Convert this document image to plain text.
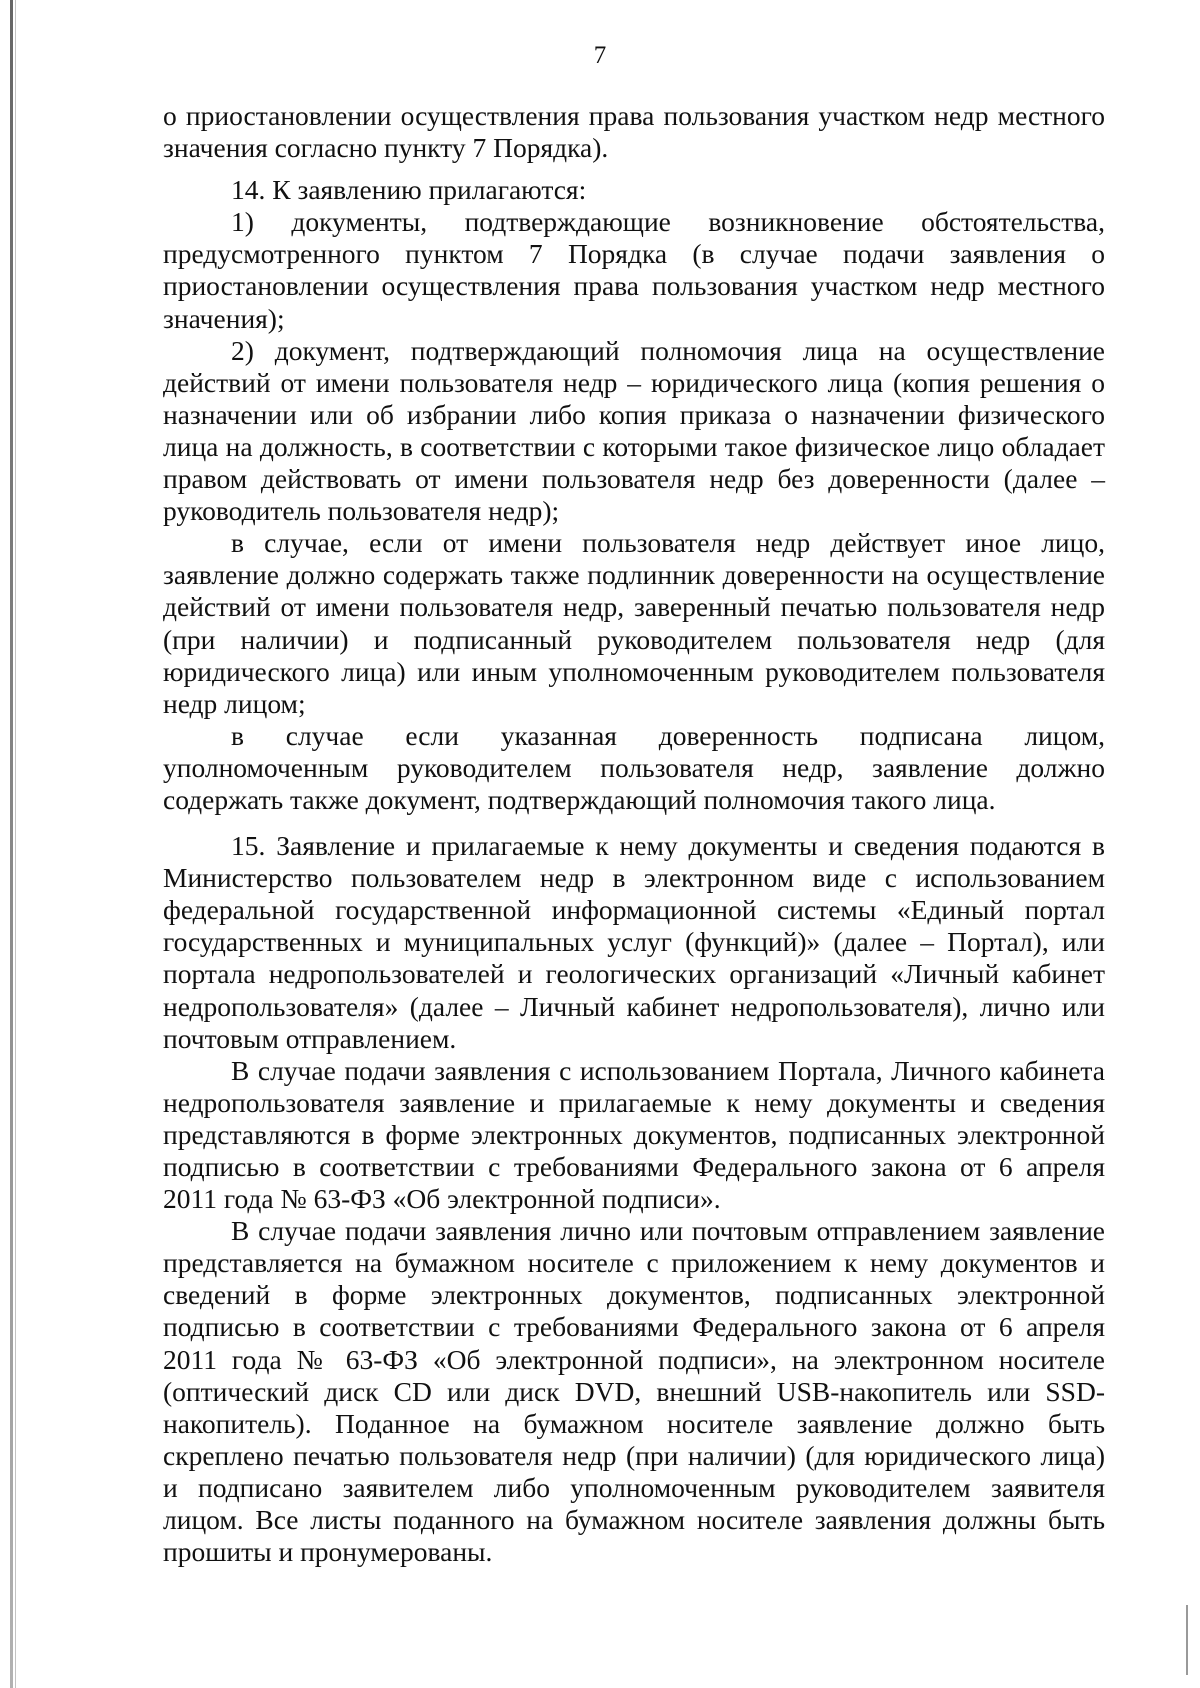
7

о приостановлении осуществления права пользования участком недр местного значения согласно пункту 7 Порядка).

14. К заявлению прилагаются:

1) документы, подтверждающие возникновение обстоятельства, предусмотренного пунктом 7 Порядка (в случае подачи заявления о приостановлении осуществления права пользования участком недр местного значения);

2) документ, подтверждающий полномочия лица на осуществление действий от имени пользователя недр – юридического лица (копия решения о назначении или об избрании либо копия приказа о назначении физического лица на должность, в соответствии с которыми такое физическое лицо обладает правом действовать от имени пользователя недр без доверенности (далее – руководитель пользователя недр);

в случае, если от имени пользователя недр действует иное лицо, заявление должно содержать также подлинник доверенности на осуществление действий от имени пользователя недр, заверенный печатью пользователя недр (при наличии) и подписанный руководителем пользователя недр (для юридического лица) или иным уполномоченным руководителем пользователя недр лицом;

в случае если указанная доверенность подписана лицом, уполномоченным руководителем пользователя недр, заявление должно содержать также документ, подтверждающий полномочия такого лица.

15. Заявление и прилагаемые к нему документы и сведения подаются в Министерство пользователем недр в электронном виде с использованием федеральной государственной информационной системы «Единый портал государственных и муниципальных услуг (функций)» (далее – Портал), или портала недропользователей и геологических организаций «Личный кабинет недропользователя» (далее – Личный кабинет недропользователя), лично или почтовым отправлением.

В случае подачи заявления с использованием Портала, Личного кабинета недропользователя заявление и прилагаемые к нему документы и сведения представляются в форме электронных документов, подписанных электронной подписью в соответствии с требованиями Федерального закона от 6 апреля 2011 года № 63-ФЗ «Об электронной подписи».

В случае подачи заявления лично или почтовым отправлением заявление представляется на бумажном носителе с приложением к нему документов и сведений в форме электронных документов, подписанных электронной подписью в соответствии с требованиями Федерального закона от 6 апреля 2011 года № 63-ФЗ «Об электронной подписи», на электронном носителе (оптический диск CD или диск DVD, внешний USB-накопитель или SSD-накопитель). Поданное на бумажном носителе заявление должно быть скреплено печатью пользователя недр (при наличии) (для юридического лица) и подписано заявителем либо уполномоченным руководителем заявителя лицом. Все листы поданного на бумажном носителе заявления должны быть прошиты и пронумерованы.
